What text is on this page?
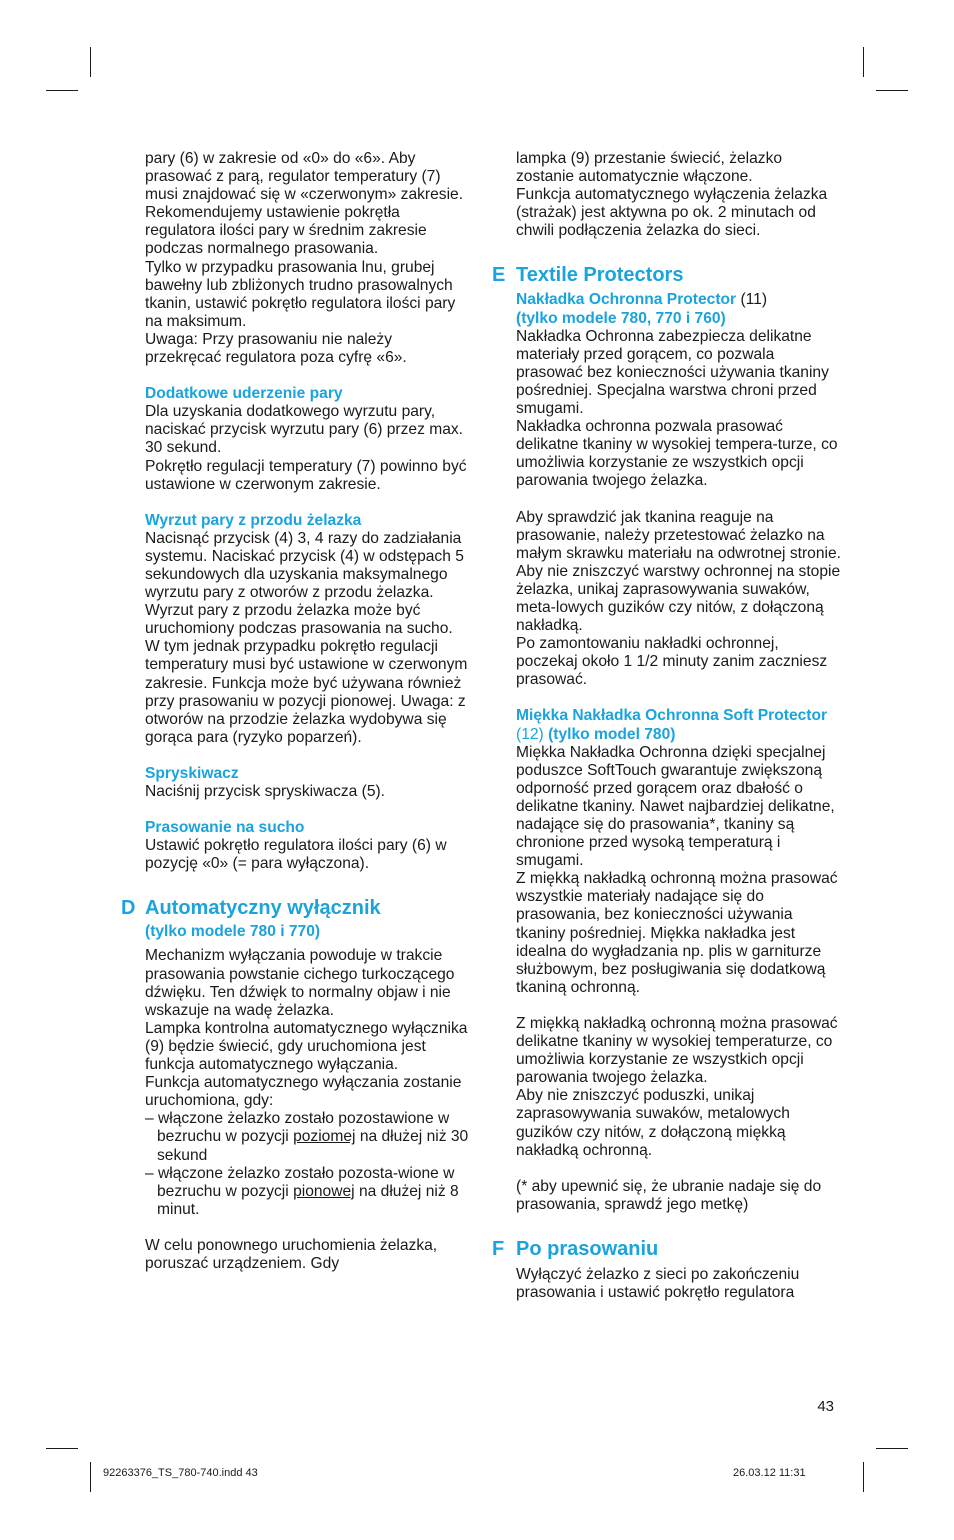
pary (6) w zakresie od «0» do «6». Aby prasować z parą, regulator temperatury (7) musi znajdować się w «czerwonym» zakresie.

Rekomendujemy ustawienie pokrętła regulatora ilości pary w średnim zakresie podczas normalnego prasowania.

Tylko w przypadku prasowania lnu, grubej bawełny lub zbliżonych trudno prasowalnych tkanin, ustawić pokrętło regulatora ilości pary na maksimum.

Uwaga: Przy prasowaniu nie należy przekręcać regulatora poza cyfrę «6».

Dodatkowe uderzenie pary

Dla uzyskania dodatkowego wyrzutu pary, naciskać przycisk wyrzutu pary (6) przez max. 30 sekund.

Pokrętło regulacji temperatury (7) powinno być ustawione w czerwonym zakresie.

Wyrzut pary z przodu żelazka

Nacisnąć przycisk (4) 3, 4 razy do zadziałania systemu. Naciskać przycisk (4) w odstępach 5 sekundowych dla uzyskania maksymalnego wyrzutu pary z otworów z przodu żelazka. Wyrzut pary z przodu żelazka może być uruchomiony podczas prasowania na sucho. W tym jednak przypadku pokrętło regulacji temperatury musi być ustawione w czerwonym zakresie. Funkcja może być używana również przy prasowaniu w pozycji pionowej. Uwaga: z otworów na przodzie żelazka wydobywa się gorąca para (ryzyko poparzeń).

Spryskiwacz

Naciśnij przycisk spryskiwacza (5).

Prasowanie na sucho

Ustawić pokrętło regulatora ilości pary (6) w pozycję «0» (= para wyłączona).

D Automatyczny wyłącznik

(tylko modele 780 i 770)

Mechanizm wyłączania powoduje w trakcie prasowania powstanie cichego turkoczącego dźwięku. Ten dźwięk to normalny objaw i nie wskazuje na wadę żelazka.

Lampka kontrolna automatycznego wyłącznika (9) będzie świecić, gdy uruchomiona jest funkcja automatycznego wyłączania.

Funkcja automatycznego wyłączania zostanie uruchomiona, gdy:

– włączone żelazko zostało pozostawione w bezruchu w pozycji poziomej na dłużej niż 30 sekund

– włączone żelazko zostało pozosta-wione w bezruchu w pozycji pionowej na dłużej niż 8 minut.

W celu ponownego uruchomienia żelazka, poruszać urządzeniem. Gdy

lampka (9) przestanie świecić, żelazko zostanie automatycznie włączone.

Funkcja automatycznego wyłączenia żelazka (strażak) jest aktywna po ok. 2 minutach od chwili podłączenia żelazka do sieci.

E Textile Protectors

Nakładka Ochronna Protector (11)

(tylko modele 780, 770 i 760)

Nakładka Ochronna zabezpiecza delikatne materiały przed gorącem, co pozwala prasować bez konieczności używania tkaniny pośredniej. Specjalna warstwa chroni przed smugami.

Nakładka ochronna pozwala prasować delikatne tkaniny w wysokiej tempera-turze, co umożliwia korzystanie ze wszystkich opcji parowania twojego żelazka.

Aby sprawdzić jak tkanina reaguje na prasowanie, należy przetestować żelazko na małym skrawku materiału na odwrotnej stronie. Aby nie zniszczyć warstwy ochronnej na stopie żelazka, unikaj zaprasowywania suwaków, meta-lowych guzików czy nitów, z dołączoną nakładką.

Po zamontowaniu nakładki ochronnej, poczekaj około 1 1/2 minuty zanim zaczniesz prasować.

Miękka Nakładka Ochronna Soft Protector (12) (tylko model 780)

Miękka Nakładka Ochronna dzięki specjalnej poduszce SoftTouch gwarantuje zwiększoną odporność przed gorącem oraz dbałość o delikatne tkaniny. Nawet najbardziej delikatne, nadające się do prasowania*, tkaniny są chronione przed wysoką temperaturą i smugami.

Z miękką nakładką ochronną można prasować wszystkie materiały nadające się do prasowania, bez konieczności używania tkaniny pośredniej. Miękka nakładka jest idealna do wygładzania np. plis w garniturze służbowym, bez posługiwania się dodatkową tkaniną ochronną.

Z miękką nakładką ochronną można prasować delikatne tkaniny w wysokiej temperaturze, co umożliwia korzystanie ze wszystkich opcji parowania twojego żelazka.

Aby nie zniszczyć poduszki, unikaj zaprasowywania suwaków, metalowych guzików czy nitów, z dołączoną miękką nakładką ochronną.

(* aby upewnić się, że ubranie nadaje się do prasowania, sprawdź jego metkę)

F Po prasowaniu

Wyłączyć żelazko z sieci po zakończeniu prasowania i ustawić pokrętło regulatora

43
92263376_TS_780-740.indd 43	26.03.12 11:31
